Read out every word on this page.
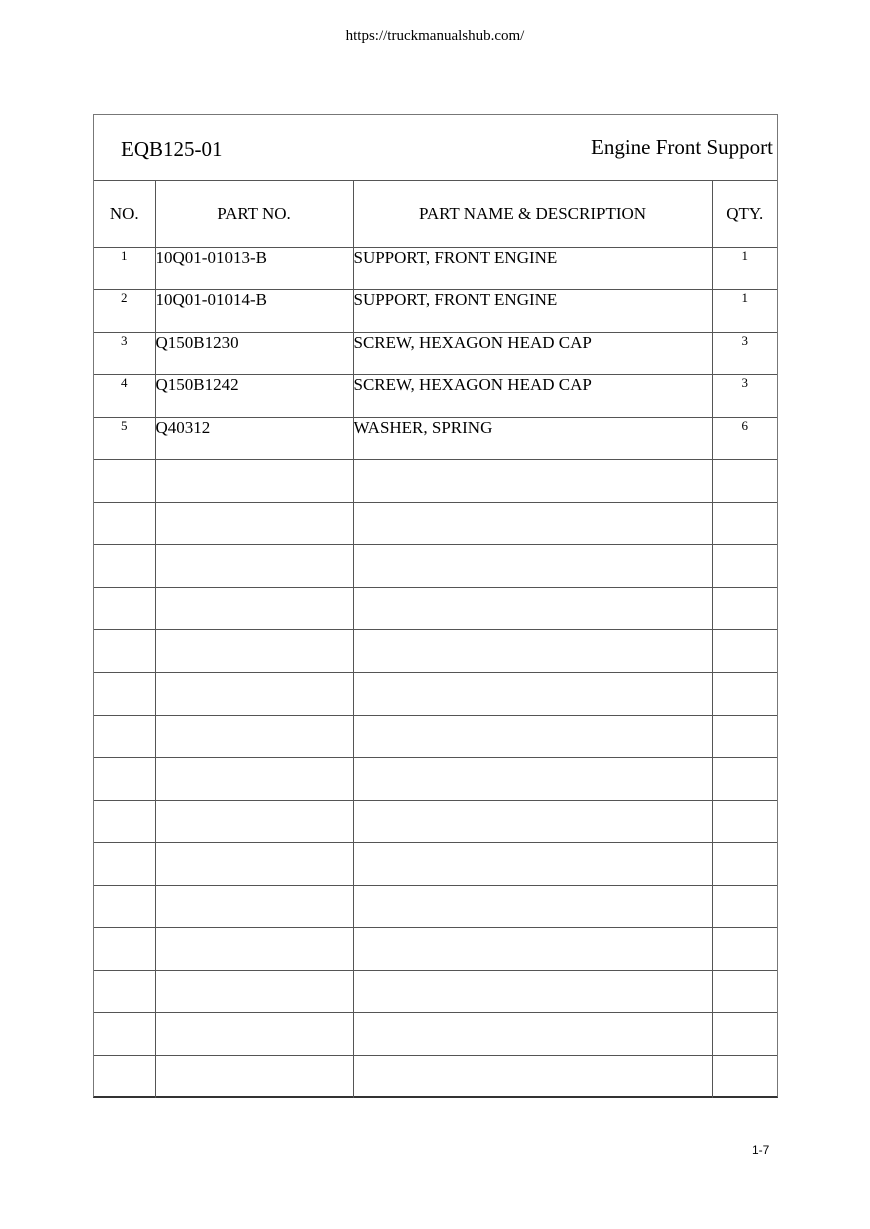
https://truckmanualshub.com/
EQB125-01	Engine Front Support
NO.	PART NO.	PART NAME & DESCRIPTION	QTY.
1	10Q01-01013-B	SUPPORT, FRONT ENGINE	1
2	10Q01-01014-B	SUPPORT, FRONT ENGINE	1
3	Q150B1230	SCREW, HEXAGON HEAD CAP	3
4	Q150B1242	SCREW, HEXAGON HEAD CAP	3
5	Q40312	WASHER, SPRING	6

1-7
